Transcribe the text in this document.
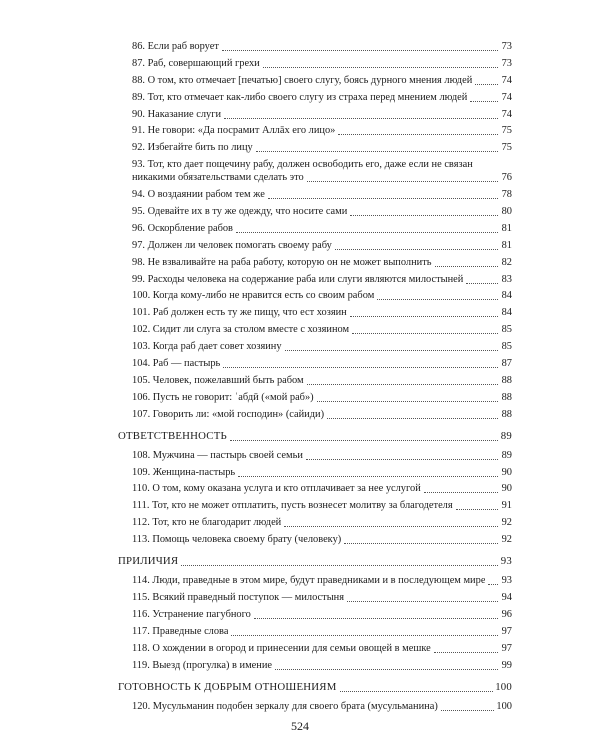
86. Если раб ворует	73
87. Раб, совершающий грехи	73
88. О том, кто отмечает [печатью] своего слугу, боясь дурного мнения людей	74
89. Тот, кто отмечает как-либо своего слугу из страха перед мнением людей	74
90. Наказание слуги	74
91. Не говори: «Да посрамит Аллāх его лицо»	75
92. Избегайте бить по лицу	75
93. Тот, кто дает пощечину рабу, должен освободить его, даже если не связан
никакими обязательствами сделать это	76
94. О воздаянии рабом тем же	78
95. Одевайте их в ту же одежду, что носите сами	80
96. Оскорбление рабов	81
97. Должен ли человек помогать своему рабу	81
98. Не взваливайте на раба работу, которую он не может выполнить	82
99. Расходы человека на содержание раба или слуги являются милостыней	83
100. Когда кому-либо не нравится есть со своим рабом	84
101. Раб должен есть ту же пищу, что ест хозяин	84
102. Сидит ли слуга за столом вместе с хозяином	85
103. Когда раб дает совет хозяину	85
104. Раб — пастырь	87
105. Человек, пожелавший быть рабом	88
106. Пусть не говорит: ʿабдӣ («мой раб»)	88
107. Говорить ли: «мой господин» (сайиди)	88
ОТВЕТСТВЕННОСТЬ	89
108. Мужчина — пастырь своей семьи	89
109. Женщина-пастырь	90
110. О том, кому оказана услуга и кто отплачивает за нее услугой	90
111. Тот, кто не может отплатить, пусть вознесет молитву за благодетеля	91
112. Тот, кто не благодарит людей	92
113. Помощь человека своему брату (человеку)	92
ПРИЛИЧИЯ	93
114. Люди, праведные в этом мире, будут праведниками и в последующем мире 93
115. Всякий праведный поступок — милостыня	94
116. Устранение пагубного	96
117. Праведные слова	97
118. О хождении в огород и принесении для семьи овощей в мешке	97
119. Выезд (прогулка) в имение	99
ГОТОВНОСТЬ К ДОБРЫМ ОТНОШЕНИЯМ	100
120. Мусульманин подобен зеркалу для своего брата (мусульманина)	100
524
